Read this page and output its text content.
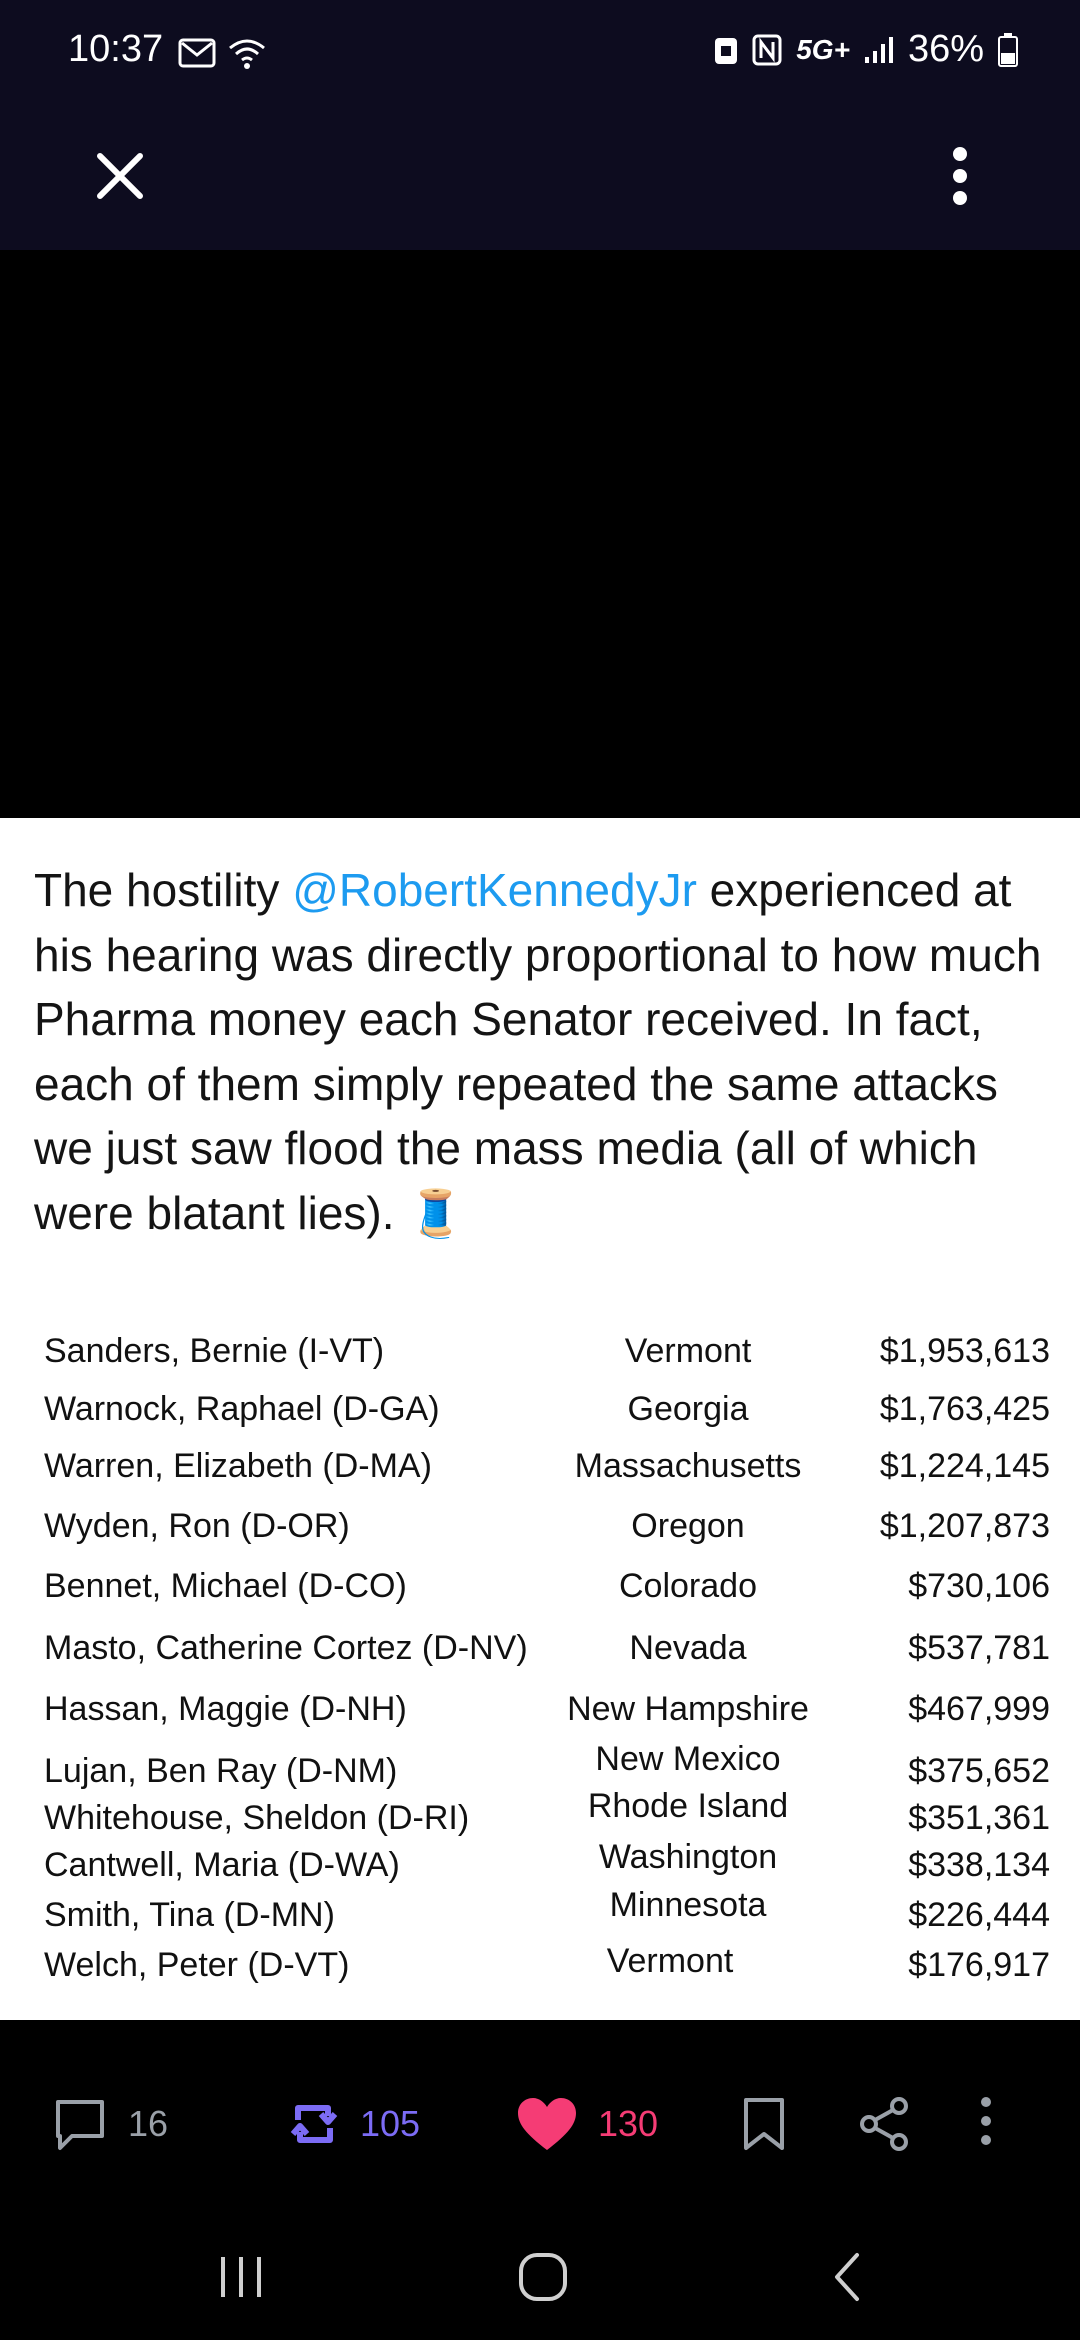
10:37	5G+ 36%

The hostility @RobertKennedyJr experienced at his hearing was directly proportional to how much Pharma money each Senator received. In fact, each of them simply repeated the same attacks we just saw flood the mass media (all of which were blatant lies). 🧵

Sanders, Bernie (I-VT)	Vermont	$1,953,613
Warnock, Raphael (D-GA)	Georgia	$1,763,425
Warren, Elizabeth (D-MA)	Massachusetts $1,224,145
Wyden, Ron (D-OR)	Oregon	$1,207,873
Bennet, Michael (D-CO)	Colorado	$730,106
Masto, Catherine Cortez (D-NV)	Nevada	$537,781
Hassan, Maggie (D-NH)	New Hampshire	$467,999
Lujan, Ben Ray (D-NM)	New Mexico	$375,652
Whitehouse, Sheldon (D-RI)	Rhode Island	$351,361
Cantwell, Maria (D-WA)	Washington	$338,134
Smith, Tina (D-MN)	Minnesota	$226,444
Welch, Peter (D-VT)	Vermont	$176,917
16	105	130
